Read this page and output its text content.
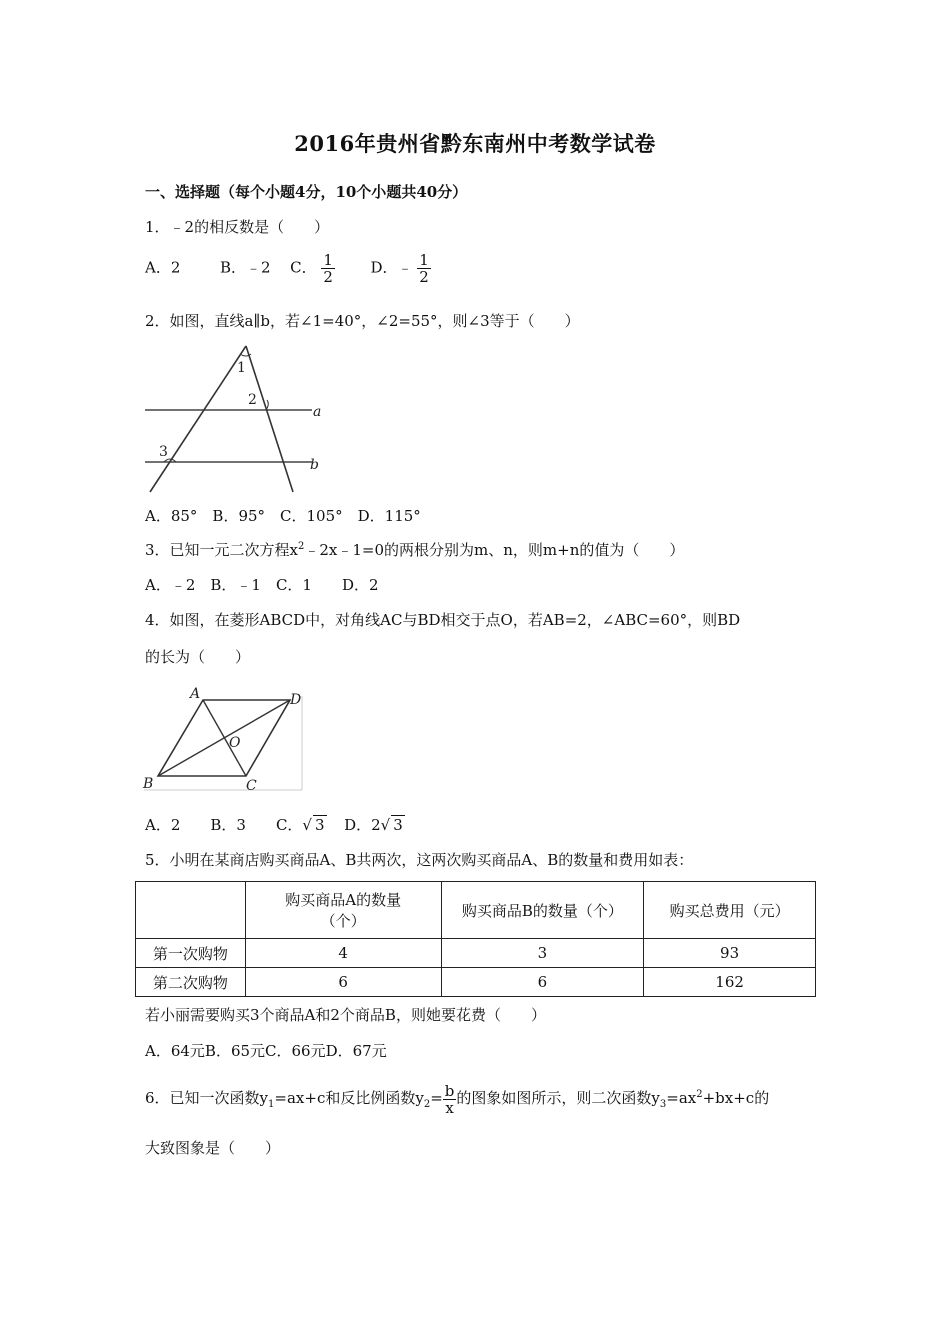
2016年贵州省黔东南州中考数学试卷
一、选择题（每个小题4分，10个小题共40分）
1．﹣2的相反数是（　　）
A．2	B．﹣2 C． $\frac{1}{2}$ D．﹣ $\frac{1}{2}$
2．如图，直线a∥b，若∠1=40°，∠2=55°，则∠3等于（　　）
1
2
3
a
b
A．85°　B．95°　C．105°　D．115°
3．已知一元二次方程$x^2﹣2x﹣1=0$的两根分别为m、n，则m+n的值为（　　）
A．﹣2　B．﹣1　C．1　　D．2
4．如图，在菱形ABCD中，对角线AC与BD相交于点O，若AB=2，∠ABC=60°，则BD
的长为（　　）
A	D
B	C
O
A．2　　B．3　　C．√ 3 D．2√ 3
5．小明在某商店购买商品A、B共两次，这两次购买商品A、B的数量和费用如表：

	购买商品A的数量
（个）	购买商品B的数量（个）	购买总费用（元）
第一次购物	4	3	93
第二次购物	6	6	162
若小丽需要购买3个商品A和2个商品B，则她要花费（　　）
A．64元B．65元C．66元D．67元
6．已知一次函数$y_1=ax+c$和反比例函数$y_2= \frac{b}{x}$ 的图象如图所示，则二次函数$y_3=ax^2+bx+c$的
大致图象是（　　）
